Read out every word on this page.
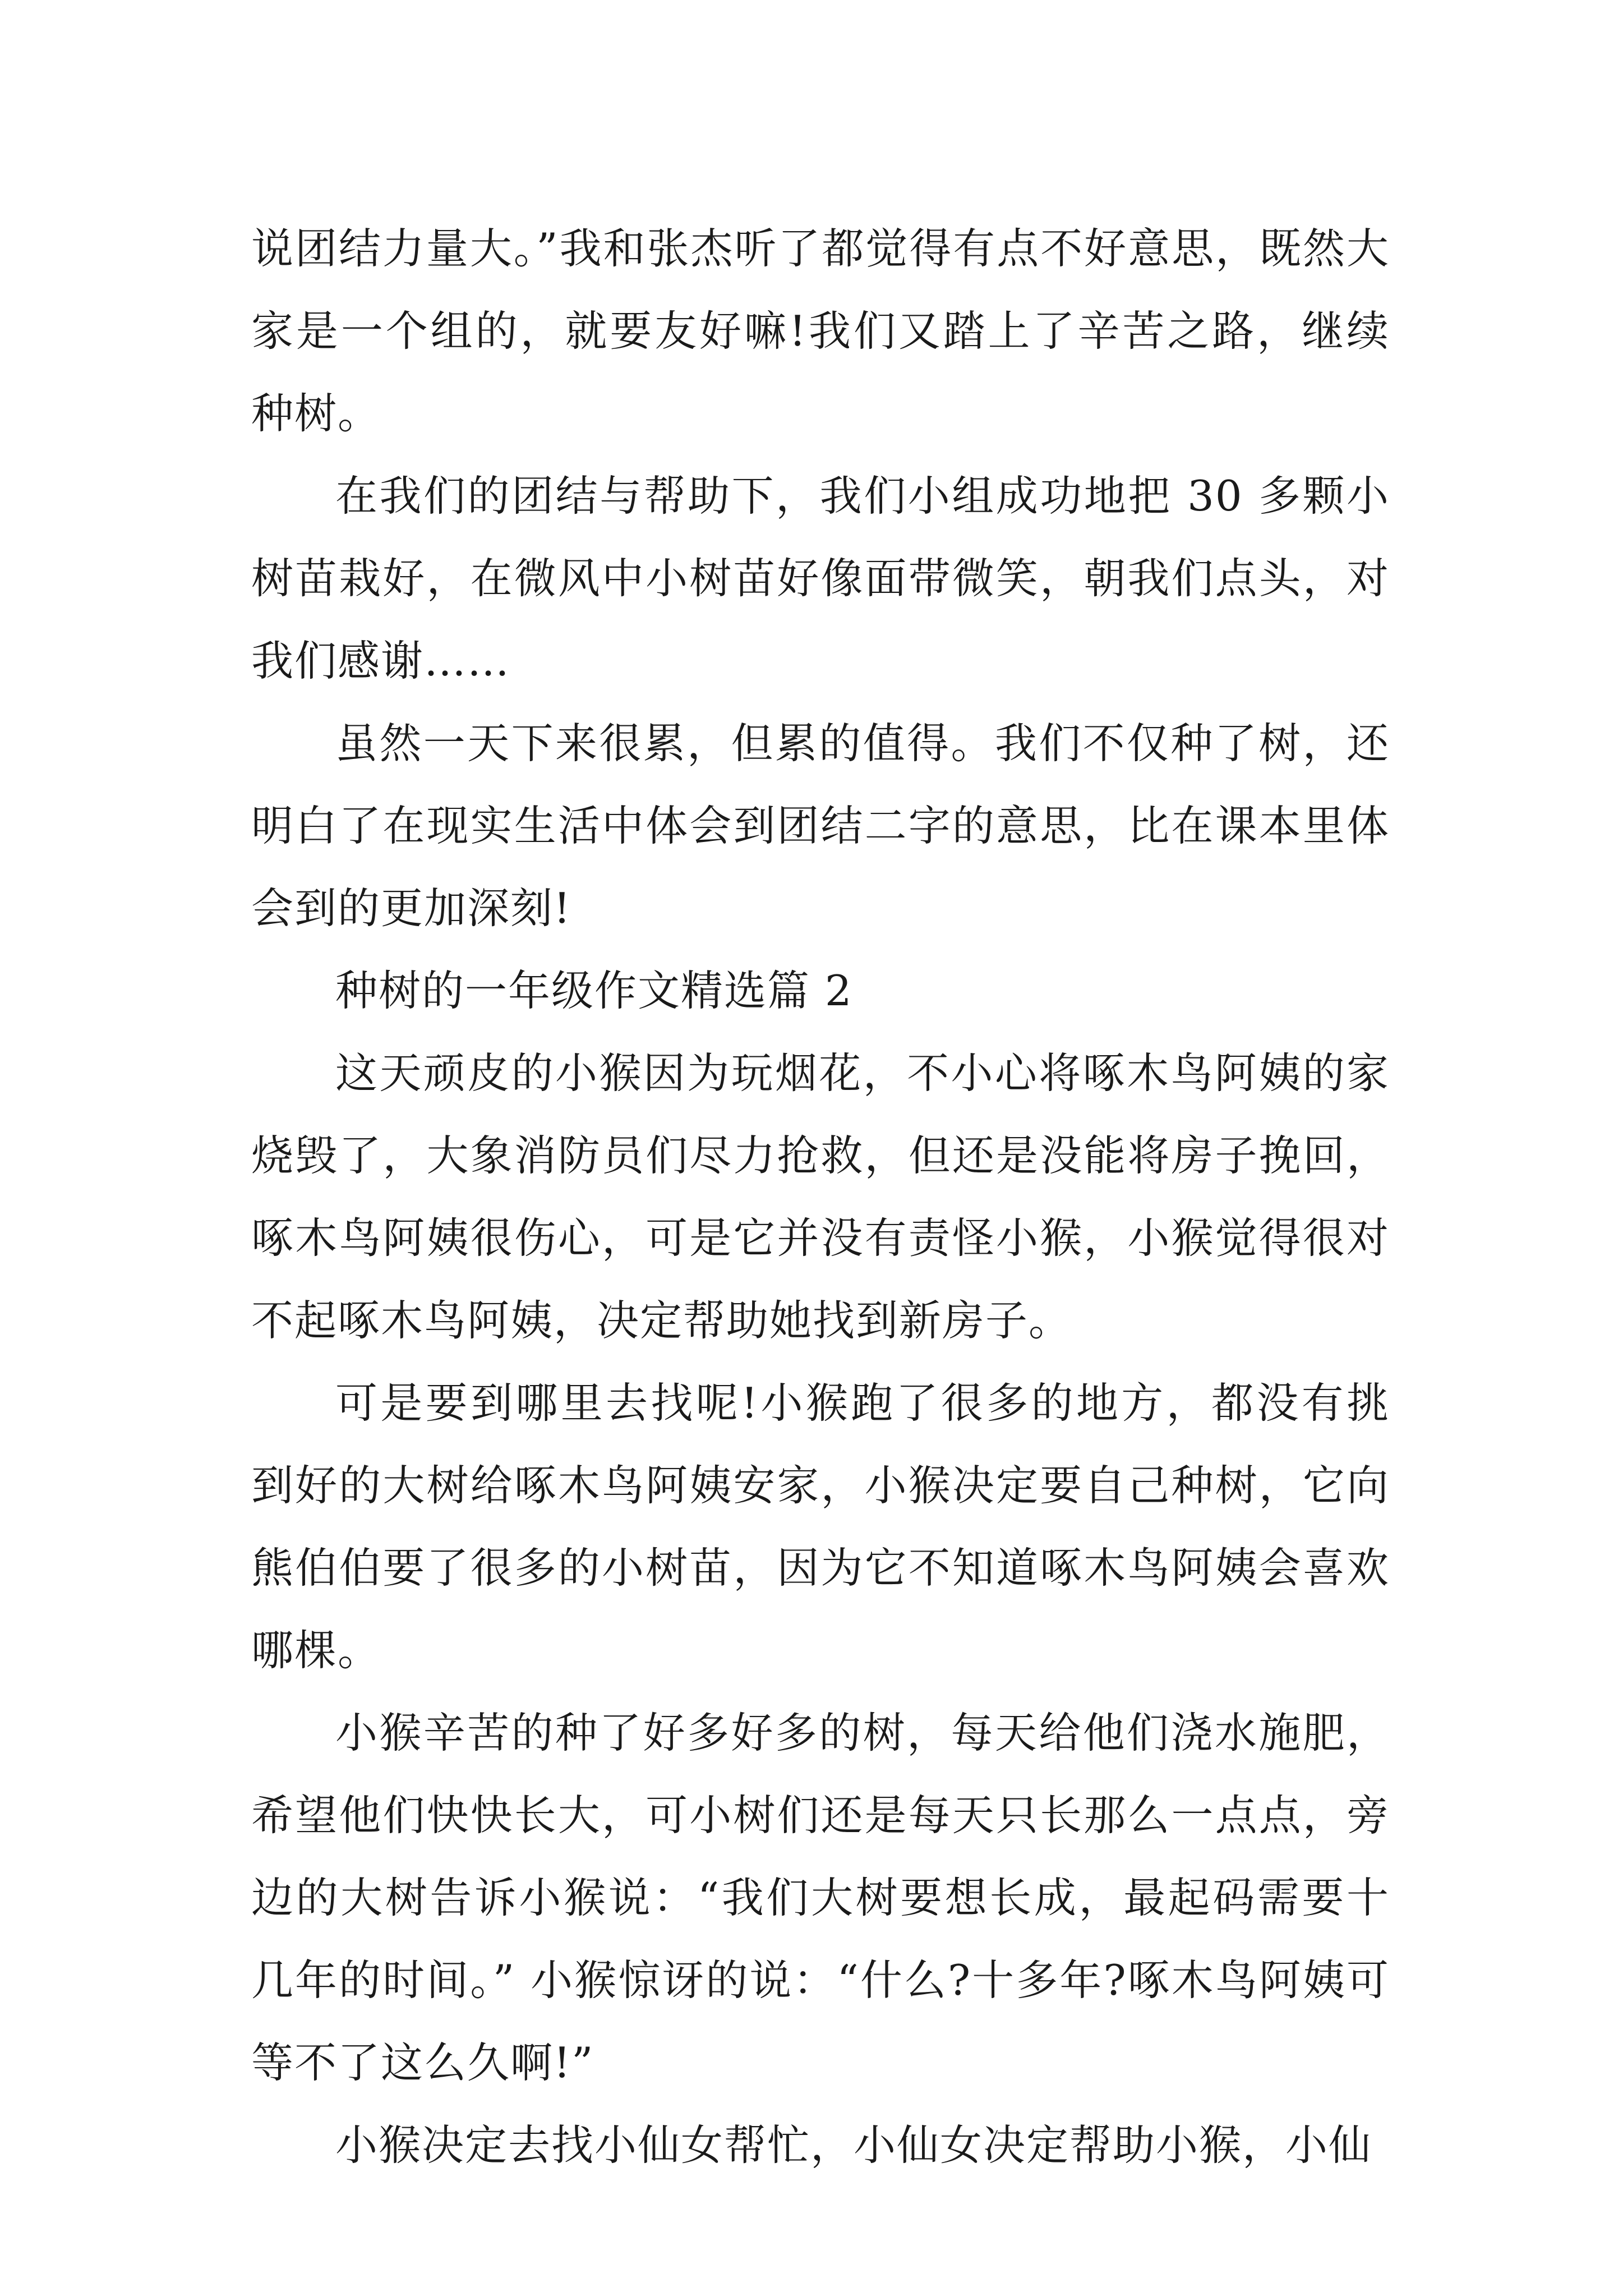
说团结力量大。”我和张杰听了都觉得有点不好意思，既然大家是一个组的，就要友好嘛!我们又踏上了辛苦之路，继续种树。

在我们的团结与帮助下，我们小组成功地把 30 多颗小树苗栽好，在微风中小树苗好像面带微笑，朝我们点头，对我们感谢……

虽然一天下来很累，但累的值得。我们不仅种了树，还明白了在现实生活中体会到团结二字的意思，比在课本里体会到的更加深刻!

种树的一年级作文精选篇 2

这天顽皮的小猴因为玩烟花，不小心将啄木鸟阿姨的家烧毁了，大象消防员们尽力抢救，但还是没能将房子挽回，啄木鸟阿姨很伤心，可是它并没有责怪小猴，小猴觉得很对不起啄木鸟阿姨，决定帮助她找到新房子。

可是要到哪里去找呢!小猴跑了很多的地方，都没有挑到好的大树给啄木鸟阿姨安家，小猴决定要自己种树，它向熊伯伯要了很多的小树苗，因为它不知道啄木鸟阿姨会喜欢哪棵。

小猴辛苦的种了好多好多的树，每天给他们浇水施肥，希望他们快快长大，可小树们还是每天只长那么一点点，旁边的大树告诉小猴说：“我们大树要想长成，最起码需要十几年的时间。” 小猴惊讶的说：“什么?十多年?啄木鸟阿姨可等不了这么久啊!”

小猴决定去找小仙女帮忙，小仙女决定帮助小猴，小仙
